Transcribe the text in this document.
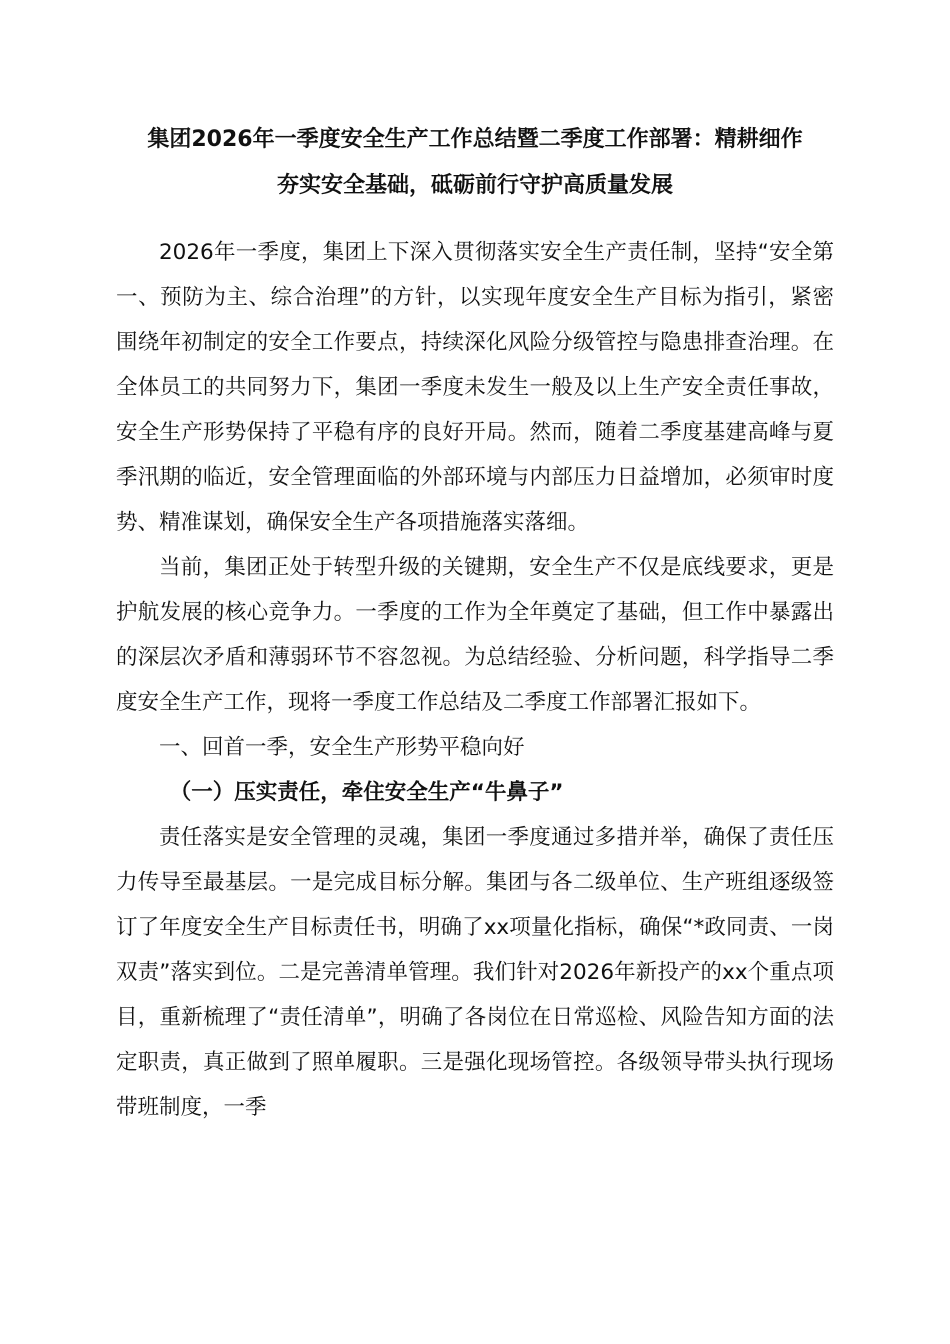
集团2026年一季度安全生产工作总结暨二季度工作部署：精耕细作
夯实安全基础，砥砺前行守护高质量发展

2026年一季度，集团上下深入贯彻落实安全生产责任制，坚持“安全第一、预防为主、综合治理”的方针，以实现年度安全生产目标为指引，紧密围绕年初制定的安全工作要点，持续深化风险分级管控与隐患排查治理。在全体员工的共同努力下，集团一季度未发生一般及以上生产安全责任事故，安全生产形势保持了平稳有序的良好开局。然而，随着二季度基建高峰与夏季汛期的临近，安全管理面临的外部环境与内部压力日益增加，必须审时度势、精准谋划，确保安全生产各项措施落实落细。

当前，集团正处于转型升级的关键期，安全生产不仅是底线要求，更是护航发展的核心竞争力。一季度的工作为全年奠定了基础，但工作中暴露出的深层次矛盾和薄弱环节不容忽视。为总结经验、分析问题，科学指导二季度安全生产工作，现将一季度工作总结及二季度工作部署汇报如下。

一、回首一季，安全生产形势平稳向好

（一）压实责任，牵住安全生产“牛鼻子”

责任落实是安全管理的灵魂，集团一季度通过多措并举，确保了责任压力传导至最基层。一是完成目标分解。集团与各二级单位、生产班组逐级签订了年度安全生产目标责任书，明确了xx项量化指标，确保“*政同责、一岗双责”落实到位。二是完善清单管理。我们针对2026年新投产的xx个重点项目，重新梳理了“责任清单”，明确了各岗位在日常巡检、风险告知方面的法定职责，真正做到了照单履职。三是强化现场管控。各级领导带头执行现场带班制度，一季
